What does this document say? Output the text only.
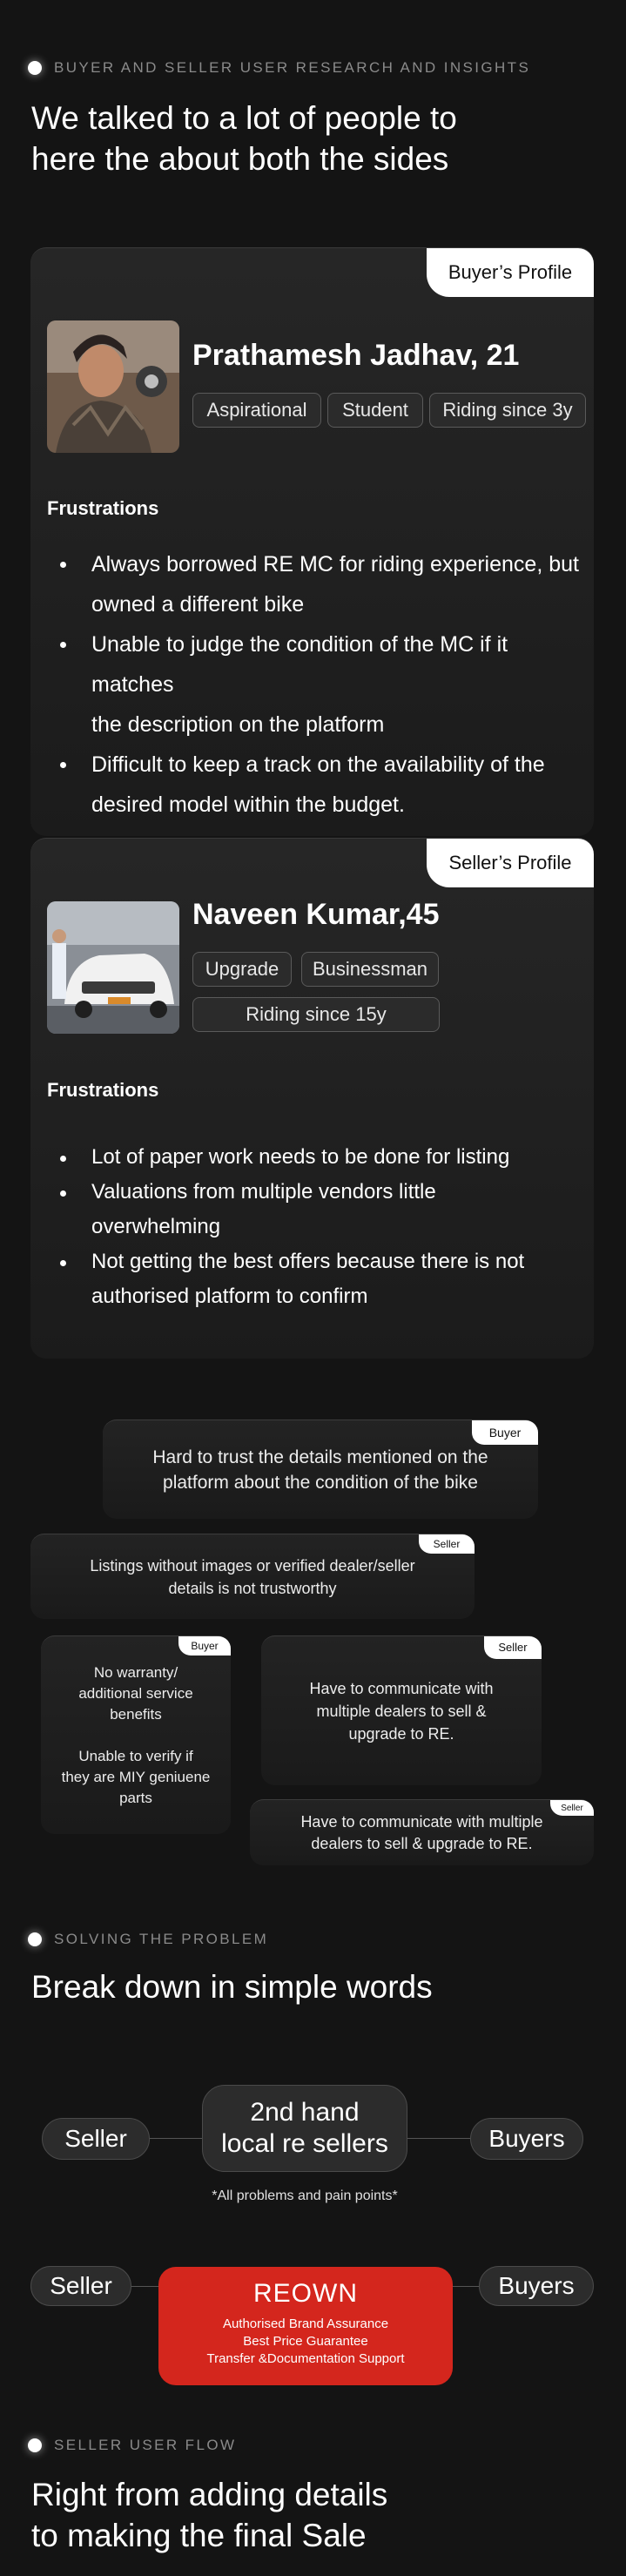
BUYER AND SELLER USER RESEARCH AND INSIGHTS
We talked to a lot of people to
here the about both the sides
Buyer’s Profile
Prathamesh Jadhav, 21
Aspirational	Student	Riding since 3y
Frustrations
Always borrowed RE MC for riding experience, but
owned a different bike
Unable to judge the condition of the MC if it matches
the description on the platform
Difficult to keep a track on the availability of the
desired model within the budget.
Seller’s Profile
Naveen Kumar,45
Upgrade	Businessman
Riding since 15y
Frustrations
Lot of paper work needs to be done for listing
Valuations from multiple vendors little
overwhelming
Not getting the best offers because there is not
authorised platform to confirm
Buyer
Hard to trust the details mentioned on the
platform about the condition of the bike
Seller
Listings without images or verified dealer/seller
details is not trustworthy
Buyer
No warranty/
additional service
benefits

Unable to verify if
they are MIY geniuene
parts
Seller
Have to communicate with
multiple dealers to sell &
upgrade to RE.
Seller
Have to communicate with multiple
dealers to sell & upgrade to RE.
SOLVING THE PROBLEM
Break down in simple words
Seller
2nd hand
local re sellers	Buyers
*All problems and pain points*
Seller	REOWN
Authorised Brand Assurance
Best Price Guarantee
Transfer &Documentation Support
Buyers
SELLER USER FLOW
Right from adding details
to making the final Sale
